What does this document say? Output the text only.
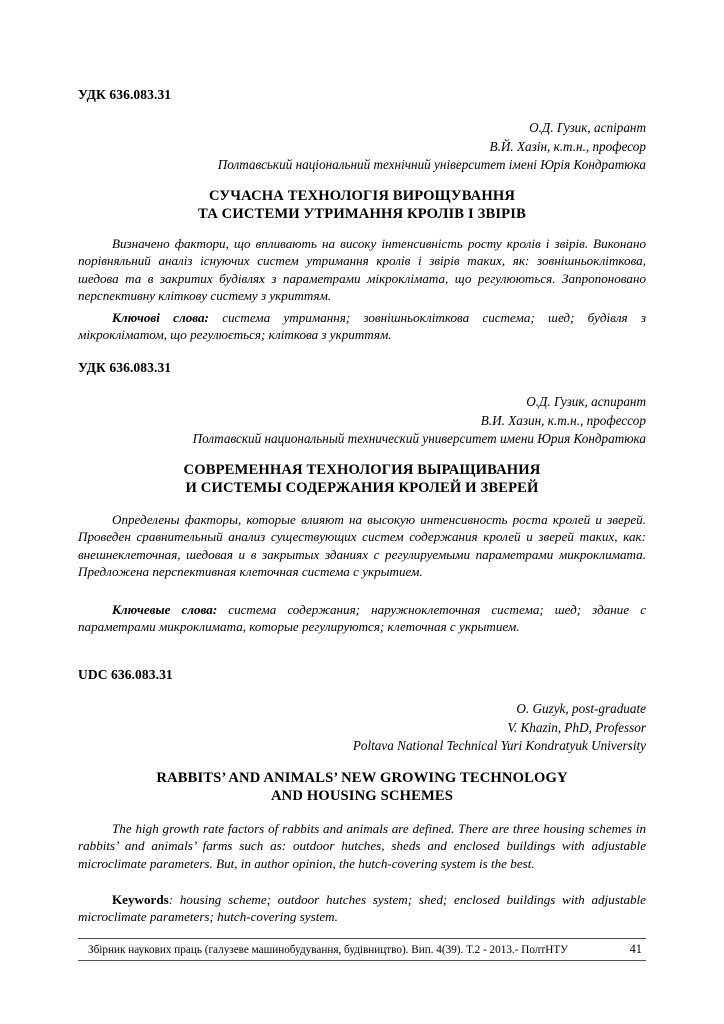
УДК 636.083.31

О.Д. Гузик, аспірант
В.Й. Хазін, к.т.н., професор
Полтавський національний технічний університет імені Юрія Кондратюка
СУЧАСНА ТЕХНОЛОГІЯ ВИРОЩУВАННЯ
ТА СИСТЕМИ УТРИМАННЯ КРОЛІВ І ЗВІРІВ

Визначено фактори, що впливають на високу інтенсивність росту кролів і звірів. Виконано порівняльний аналіз існуючих систем утримання кролів і звірів таких, як: зовнішньоклiткова, шедова та в закритих будівлях з параметрами мікроклімата, що регулюються. Запропоновано перспективну кліткову систему з укриттям.

Ключові слова: система утримання; зовнішньоклiткова система; шед; будівля з мікрокліматом, що регулюється; кліткова з укриттям.

УДК 636.083.31

О.Д. Гузик, аспирант
В.И. Хазин, к.т.н., профессор
Полтавский национальный технический университет имени Юрия Кондратюка
СОВРЕМЕННАЯ ТЕХНОЛОГИЯ ВЫРАЩИВАНИЯ
И СИСТЕМЫ СОДЕРЖАНИЯ КРОЛЕЙ И ЗВЕРЕЙ

Определены факторы, которые влияют на высокую интенсивность роста кролей и зверей. Проведен сравнительный анализ существующих систем содержания кролей и зверей таких, как: внешнеклеточная, шедовая и в закрытых зданиях с регулируемыми параметрами микроклимата. Предложена перспективная клеточная система с укрытием.

Ключевые слова: система содержания; наружноклеточная система; шед; здание с параметрами микроклимата, которые регулируются; клеточная с укрытием.

UDC 636.083.31

O. Guzyk, post-graduate
V. Khazin, PhD, Professor
Poltava National Technical Yuri Kondratyuk University
RABBITS’ AND ANIMALS’ NEW GROWING TECHNOLOGY
AND HOUSING SCHEMES

The high growth rate factors of rabbits and animals are defined. There are three housing schemes in rabbits’ and animals’ farms such as: outdoor hutches, sheds and enclosed buildings with adjustable microclimate parameters. But, in author opinion, the hutch-covering system is the best.

Keywords: housing scheme; outdoor hutches system; shed; enclosed buildings with adjustable microclimate parameters; hutch-covering system.

Збірник наукових праць (галузеве машинобудування, будівництво). Вип. 4(39). Т.2 - 2013.- ПолтНТУ	41
